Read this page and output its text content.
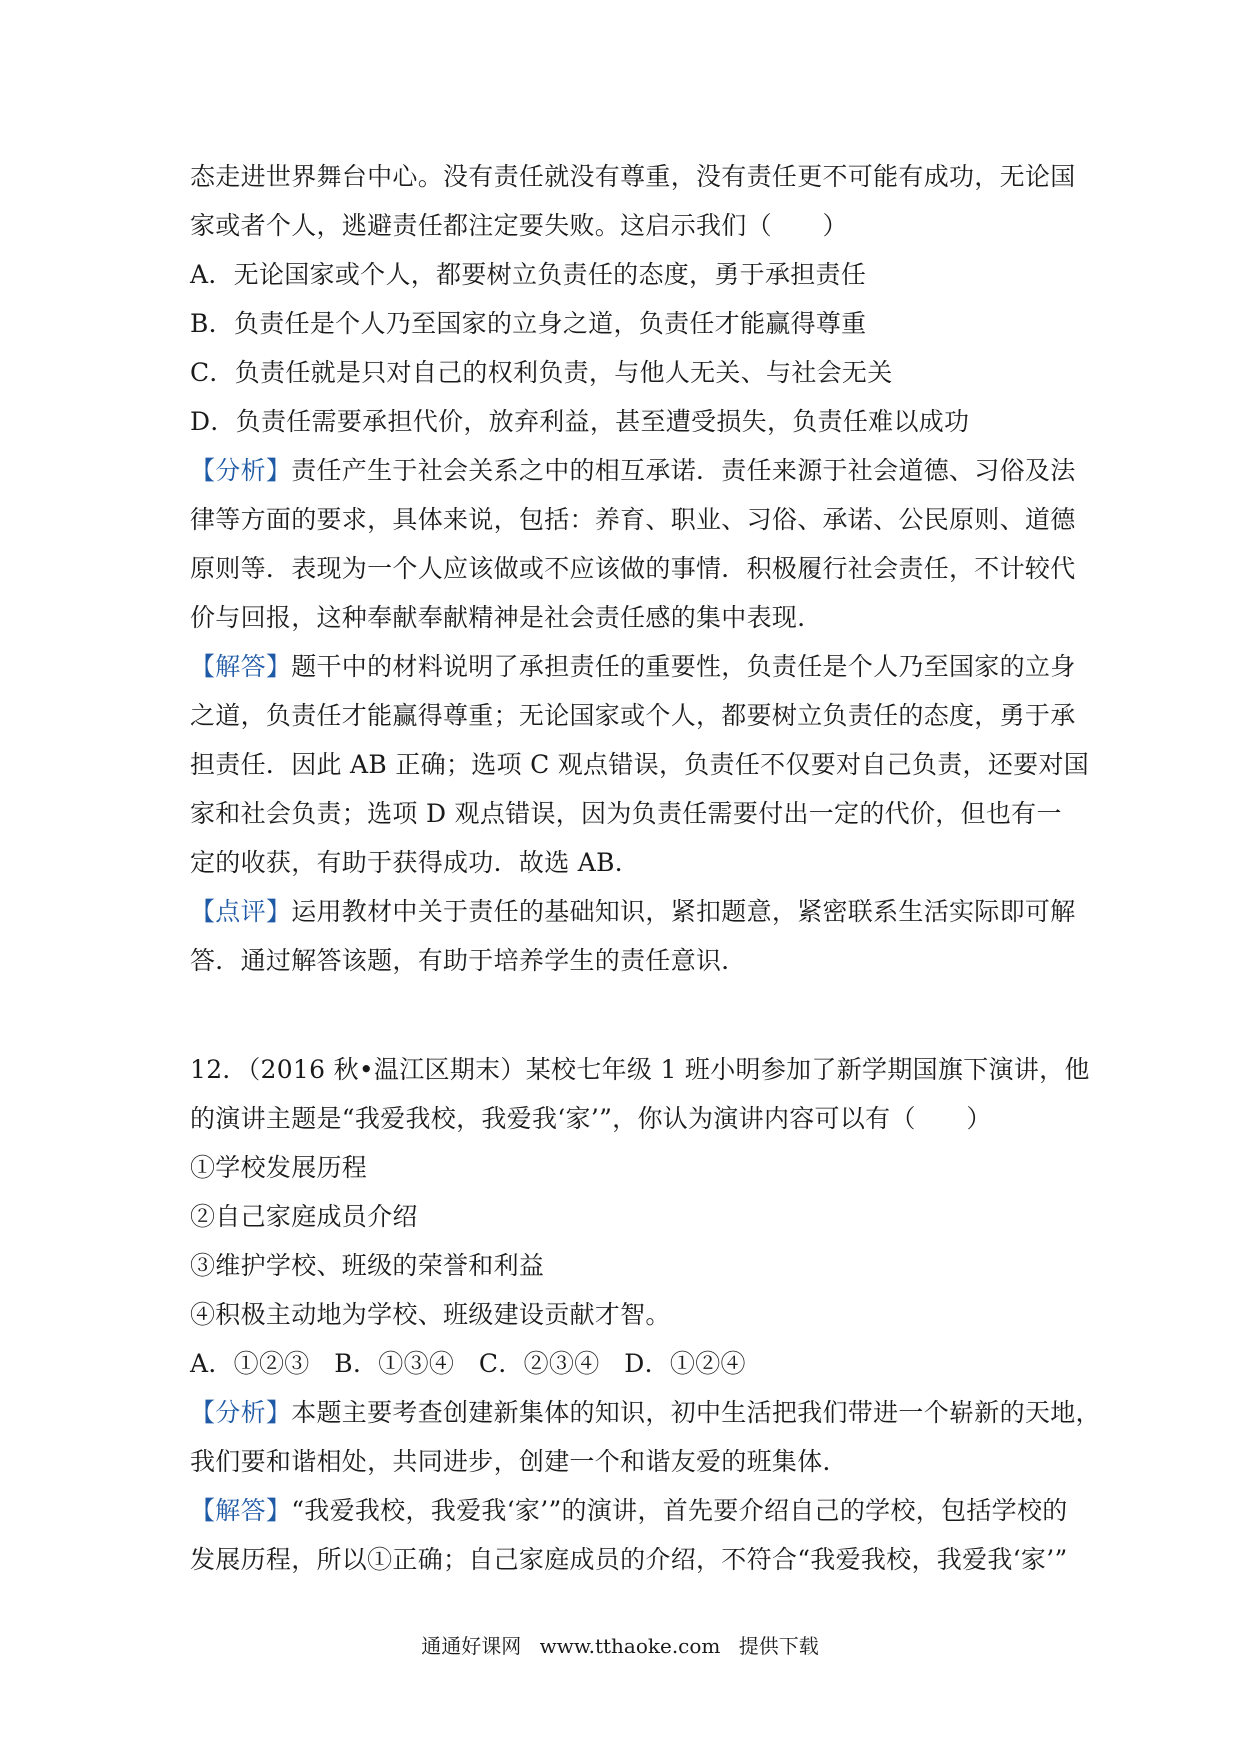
态走进世界舞台中心。没有责任就没有尊重，没有责任更不可能有成功，无论国
家或者个人，逃避责任都注定要失败。这启示我们（　　）
A．无论国家或个人，都要树立负责任的态度，勇于承担责任
B．负责任是个人乃至国家的立身之道，负责任才能赢得尊重
C．负责任就是只对自己的权利负责，与他人无关、与社会无关
D．负责任需要承担代价，放弃利益，甚至遭受损失，负责任难以成功
【分析】责任产生于社会关系之中的相互承诺．责任来源于社会道德、习俗及法
律等方面的要求，具体来说，包括：养育、职业、习俗、承诺、公民原则、道德
原则等．表现为一个人应该做或不应该做的事情．积极履行社会责任，不计较代
价与回报，这种奉献奉献精神是社会责任感的集中表现．
【解答】题干中的材料说明了承担责任的重要性，负责任是个人乃至国家的立身
之道，负责任才能赢得尊重；无论国家或个人，都要树立负责任的态度，勇于承
担责任．因此 AB 正确；选项 C 观点错误，负责任不仅要对自己负责，还要对国
家和社会负责；选项 D 观点错误，因为负责任需要付出一定的代价，但也有一
定的收获，有助于获得成功．故选 AB．
【点评】运用教材中关于责任的基础知识，紧扣题意，紧密联系生活实际即可解
答．通过解答该题，有助于培养学生的责任意识．
12．（2016 秋•温江区期末）某校七年级 1 班小明参加了新学期国旗下演讲，他
的演讲主题是“我爱我校，我爱我‘家’”，你认为演讲内容可以有（　　）
①学校发展历程
②自己家庭成员介绍
③维护学校、班级的荣誉和利益
④积极主动地为学校、班级建设贡献才智。
A．①②③   B．①③④   C．②③④   D．①②④
【分析】本题主要考查创建新集体的知识，初中生活把我们带进一个崭新的天地，
我们要和谐相处，共同进步，创建一个和谐友爱的班集体．
【解答】“我爱我校，我爱我‘家’”的演讲，首先要介绍自己的学校，包括学校的
发展历程，所以①正确；自己家庭成员的介绍，不符合“我爱我校，我爱我‘家’”
通通好课网 www.tthaoke.com 提供下载
